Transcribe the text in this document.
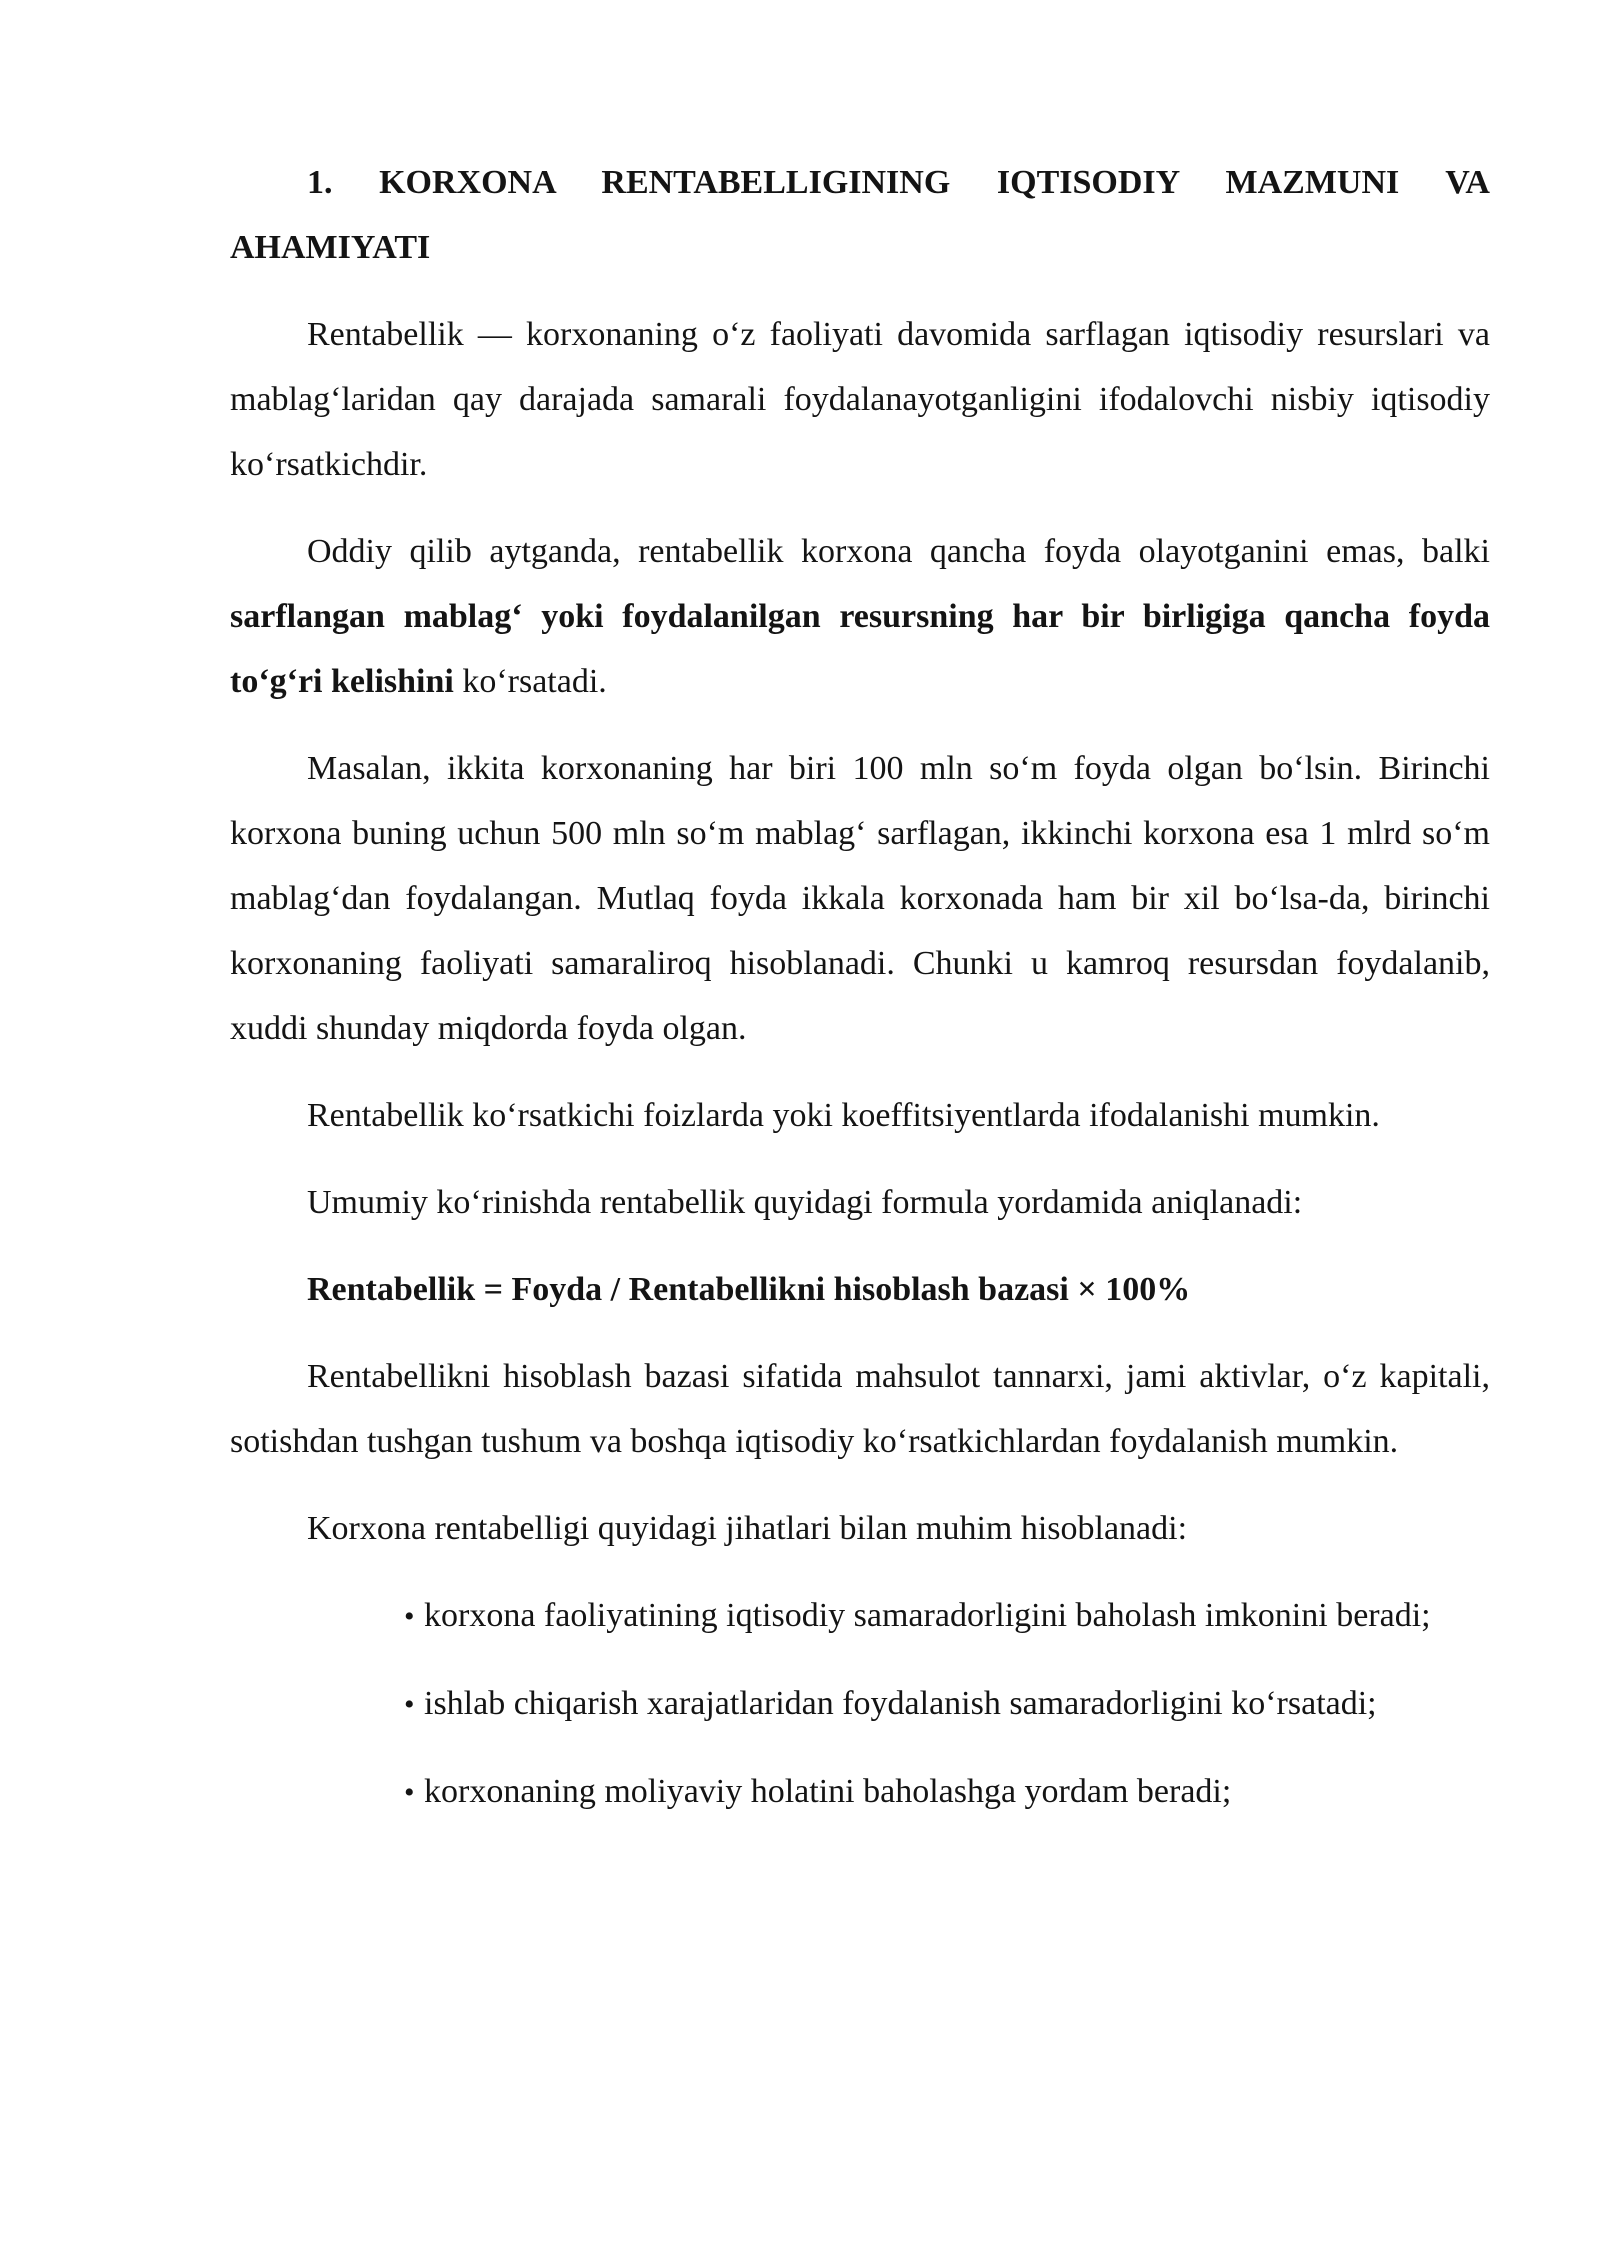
1. KORXONA RENTABELLIGINING IQTISODIY MAZMUNI VA AHAMIYATI

Rentabellik — korxonaning o‘z faoliyati davomida sarflagan iqtisodiy resurslari va mablag‘laridan qay darajada samarali foydalanayotganligini ifodalovchi nisbiy iqtisodiy ko‘rsatkichdir.

Oddiy qilib aytganda, rentabellik korxona qancha foyda olayotganini emas, balki sarflangan mablag‘ yoki foydalanilgan resursning har bir birligiga qancha foyda to‘g‘ri kelishini ko‘rsatadi.

Masalan, ikkita korxonaning har biri 100 mln so‘m foyda olgan bo‘lsin. Birinchi korxona buning uchun 500 mln so‘m mablag‘ sarflagan, ikkinchi korxona esa 1 mlrd so‘m mablag‘dan foydalangan. Mutlaq foyda ikkala korxonada ham bir xil bo‘lsa-da, birinchi korxonaning faoliyati samaraliroq hisoblanadi. Chunki u kamroq resursdan foydalanib, xuddi shunday miqdorda foyda olgan.

Rentabellik ko‘rsatkichi foizlarda yoki koeffitsiyentlarda ifodalanishi mumkin.

Umumiy ko‘rinishda rentabellik quyidagi formula yordamida aniqlanadi:

Rentabellik = Foyda / Rentabellikni hisoblash bazasi × 100%

Rentabellikni hisoblash bazasi sifatida mahsulot tannarxi, jami aktivlar, o‘z kapitali, sotishdan tushgan tushum va boshqa iqtisodiy ko‘rsatkichlardan foydalanish mumkin.

Korxona rentabelligi quyidagi jihatlari bilan muhim hisoblanadi:

• korxona faoliyatining iqtisodiy samaradorligini baholash imkonini beradi;
• ishlab chiqarish xarajatlaridan foydalanish samaradorligini ko‘rsatadi;
• korxonaning moliyaviy holatini baholashga yordam beradi;
